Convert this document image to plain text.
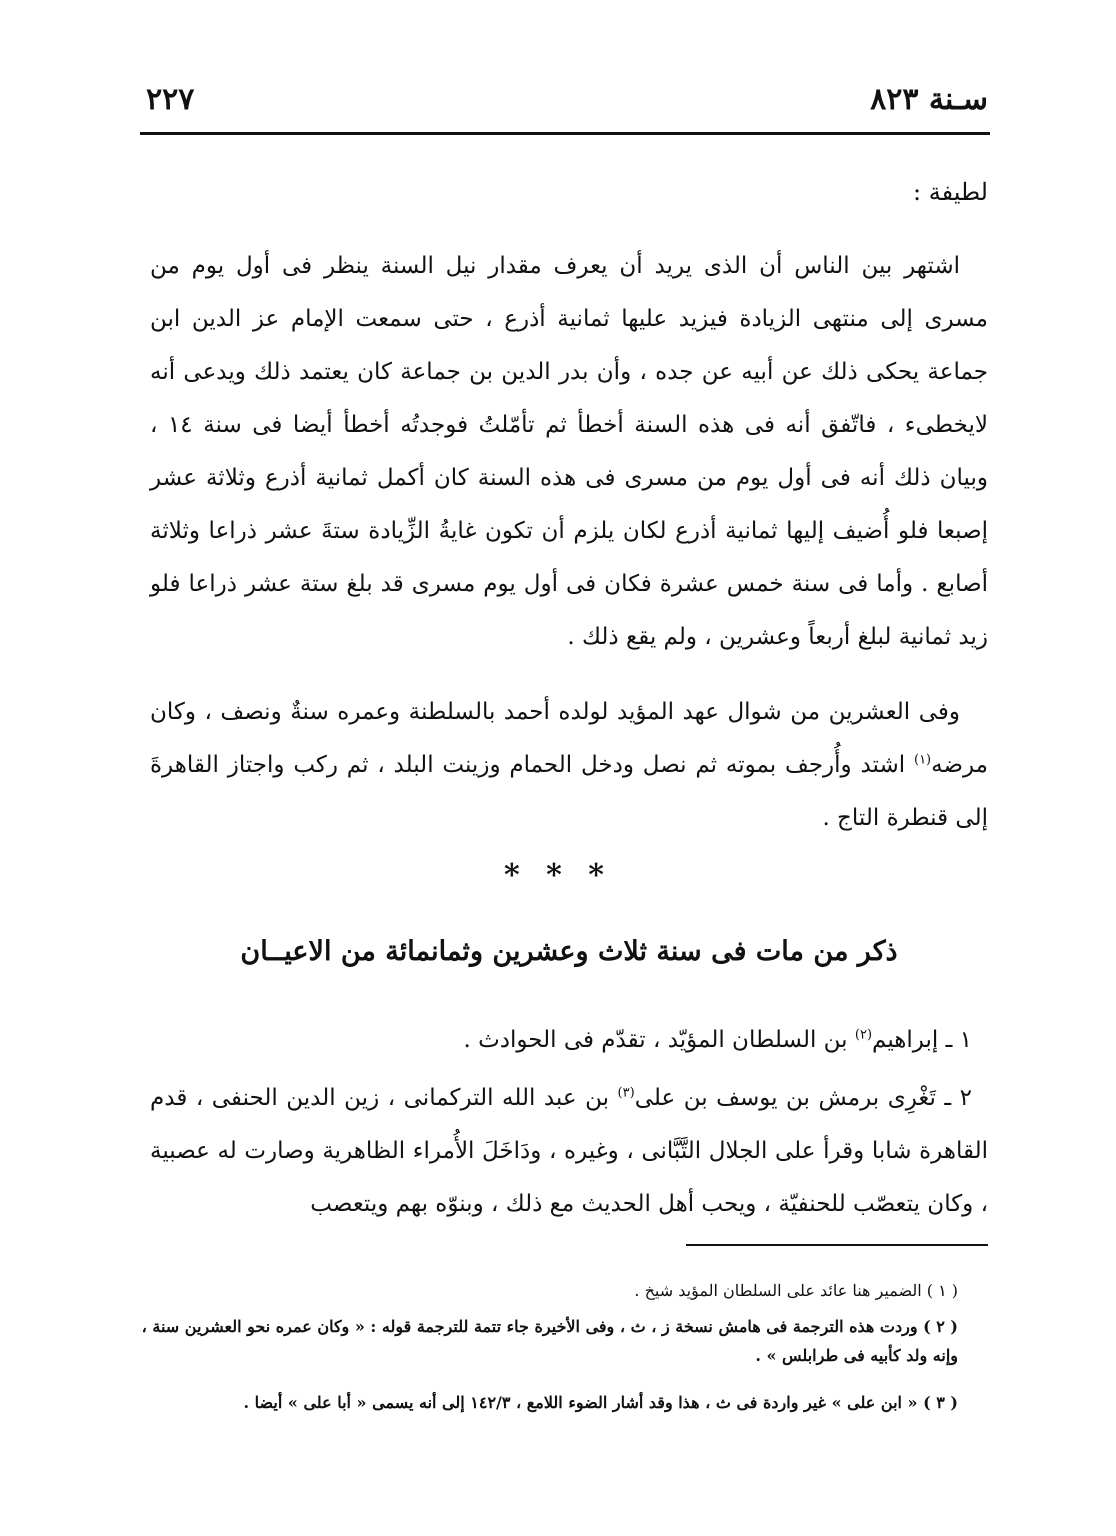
سـنة ٨٢٣
٢٢٧
لطيفة :
اشتهر بين الناس أن الذى يريد أن يعرف مقدار نيل السنة ينظر فى أول يوم من مسرى إلى منتهى الزيادة فيزيد عليها ثمانية أذرع ، حتى سمعت الإمام عز الدين ابن جماعة يحكى ذلك عن أبيه عن جده ، وأن بدر الدين بن جماعة كان يعتمد ذلك ويدعى أنه لايخطىء ، فاتّفق أنه فى هذه السنة أخطأ ثم تأمّلتُ فوجدتُه أخطأ أيضا فى سنة ١٤ ، وبيان ذلك أنه فى أول يوم من مسرى فى هذه السنة كان أكمل ثمانية أذرع وثلاثة عشر إصبعا فلو أُضيف إليها ثمانية أذرع لكان يلزم أن تكون غايةُ الزِّيادة ستةَ عشر ذراعا وثلاثة أصابع . وأما فى سنة خمس عشرة فكان فى أول يوم مسرى قد بلغ ستة عشر ذراعا فلو زيد ثمانية لبلغ أربعاً وعشرين ، ولم يقع ذلك .
وفى العشرين من شوال عهد المؤيد لولده أحمد بالسلطنة وعمره سنةٌ ونصف ، وكان مرضه$^{(١)}$ اشتد وأُرجف بموته ثم نصل ودخل الحمام وزينت البلد ، ثم ركب واجتاز القاهرةَ إلى قنطرة التاج .
* * *
ذكر من مات فى سنة ثلاث وعشرين وثمانمائة من الاعيــان
١ ـ إبراهيم$^{(٢)}$ بن السلطان المؤيّد ، تقدّم فى الحوادث .
٢ ـ تَغْرِى برمش بن يوسف بن على$^{(٣)}$ بن عبد الله التركمانى ، زين الدين الحنفى ، قدم القاهرة شابا وقرأ على الجلال التَّبَّانى ، وغيره ، ودَاخَلَ الأُمراء الظاهرية وصارت له عصبية ، وكان يتعصّب للحنفيّة ، ويحب أهل الحديث مع ذلك ، وبنوّه بهم ويتعصب
( ١ ) الضمير هنا عائد على السلطان المؤيد شيخ .
( ٢ ) وردت هذه الترجمة فى هامش نسخة ز ، ث ، وفى الأخيرة جاء تتمة للترجمة قوله : « وكان عمره نحو العشرين سنة ، وإنه ولد كأبيه فى طرابلس » .
( ٣ ) « ابن على » غير واردة فى ث ، هذا وقد أشار الضوء اللامع ، ١٤٢/٣ إلى أنه يسمى « أبا على » أيضا .
